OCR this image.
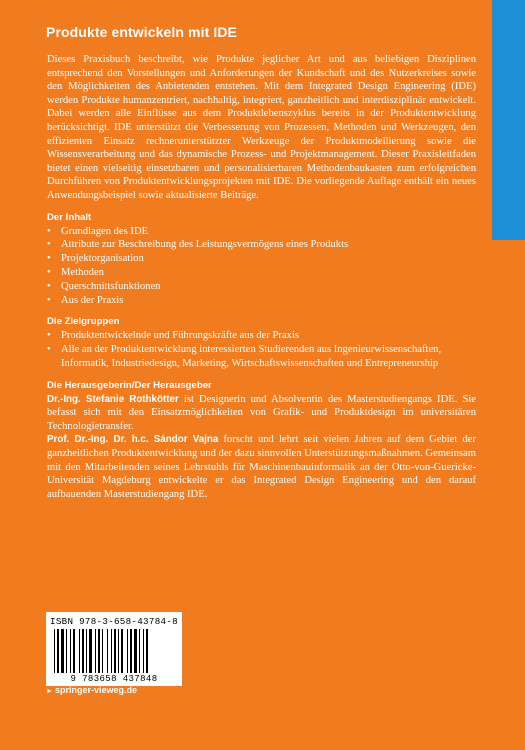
Produkte entwickeln mit IDE

Dieses Praxisbuch beschreibt, wie Produkte jeglicher Art und aus beliebigen Disziplinen entsprechend den Vorstellungen und Anforderungen der Kundschaft und des Nutzerkreises sowie den Möglichkeiten des Anbietenden entstehen. Mit dem Integrated Design Engineering (IDE) werden Produkte humanzentriert, nachhaltig, integriert, ganzheitlich und interdisziplinär entwickelt. Dabei werden alle Einflüsse aus dem Produktlebenszyklus bereits in der Produktentwicklung berücksichtigt. IDE unterstützt die Verbesserung von Prozessen, Methoden und Werkzeugen, den effizienten Einsatz rechnerunterstützter Werkzeuge der Produktmodellierung sowie die Wissensverarbeitung und das dynamische Prozess- und Projektmanagement. Dieser Praxisleitfaden bietet einen vielseitig einsetzbaren und personalisierbaren Methodenbaukasten zum erfolgreichen Durchführen von Produktentwicklungsprojekten mit IDE. Die vorliegende Auflage enthält ein neues Anwendungsbeispiel sowie aktualisierte Beiträge.

Der Inhalt
• Grundlagen des IDE
• Attribute zur Beschreibung des Leistungsvermögens eines Produkts
• Projektorganisation
• Methoden
• Querschnittsfunktionen
• Aus der Praxis
Die Zielgruppen
• Produktentwickelnde und Führungskräfte aus der Praxis
• Alle an der Produktentwicklung interessierten Studierenden aus Ingenieurwissenschaften, Informatik, Industriedesign, Marketing, Wirtschaftswissenschaften und Entrepreneurship
Die Herausgeberin/Der Herausgeber

Dr.-Ing. Stefanie Rothkötter ist Designerin und Absolventin des Masterstudiengangs IDE. Sie befasst sich mit den Einsatzmöglichkeiten von Grafik- und Produktdesign im universitären Technologietransfer.

Prof. Dr.-Ing. Dr. h.c. Sándor Vajna forscht und lehrt seit vielen Jahren auf dem Gebiet der ganzheitlichen Produktentwicklung und der dazu sinnvollen Unterstützungsmaßnahmen. Gemeinsam mit den Mitarbeitenden seines Lehrstuhls für Maschinenbauinformatik an der Otto-von-Guericke-Universität Magdeburg entwickelte er das Integrated Design Engineering und den darauf aufbauenden Masterstudiengang IDE.

ISBN 978-3-658-43784-8
9 783658 437848
► springer-vieweg.de
